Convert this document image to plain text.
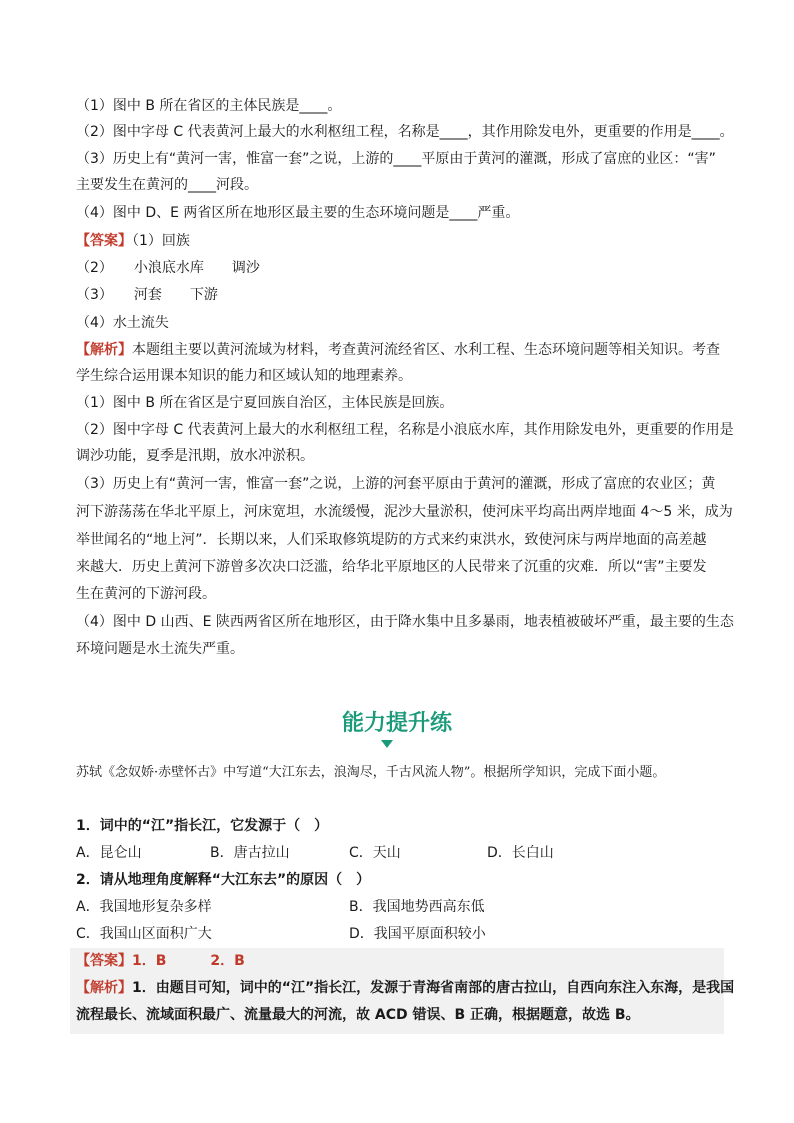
（1）图中 B 所在省区的主体民族是____。

（2）图中字母 C 代表黄河上最大的水利枢纽工程，名称是____，其作用除发电外，更重要的作用是____。

（3）历史上有“黄河一害，惟富一套”之说，上游的____平原由于黄河的灌溉，形成了富庶的业区：“害”

主要发生在黄河的____河段。

（4）图中 D、E 两省区所在地形区最主要的生态环境问题是____严重。

【答案】（1）回族

（2）　　小浪底水库　　调沙

（3）　　河套　　下游

（4）水土流失

【解析】本题组主要以黄河流域为材料，考查黄河流经省区、水利工程、生态环境问题等相关知识。考查

学生综合运用课本知识的能力和区域认知的地理素养。

（1）图中 B 所在省区是宁夏回族自治区，主体民族是回族。

（2）图中字母 C 代表黄河上最大的水利枢纽工程，名称是小浪底水库，其作用除发电外，更重要的作用是

调沙功能，夏季是汛期，放水冲淤积。

（3）历史上有“黄河一害，惟富一套”之说，上游的河套平原由于黄河的灌溉，形成了富庶的农业区；黄

河下游荡荡在华北平原上，河床宽坦，水流缓慢，泥沙大量淤积，使河床平均高出两岸地面 4～5 米，成为

举世闻名的“地上河”．长期以来，人们采取修筑堤防的方式来约束洪水，致使河床与两岸地面的高差越

来越大．历史上黄河下游曾多次决口泛滥，给华北平原地区的人民带来了沉重的灾难．所以“害”主要发

生在黄河的下游河段。

（4）图中 D 山西、E 陕西两省区所在地形区，由于降水集中且多暴雨，地表植被破坏严重，最主要的生态

环境问题是水土流失严重。

能力提升练

苏轼《念奴娇·赤壁怀古》中写道“大江东去，浪淘尽，千古风流人物”。根据所学知识，完成下面小题。

1．词中的“江”指长江，它发源于（　）

A．昆仑山	B．唐古拉山	C．天山	D．长白山

2．请从地理角度解释“大江东去”的原因（　）

A．我国地形复杂多样	B．我国地势西高东低

C．我国山区面积广大	D．我国平原面积较小

【答案】1．B	2．B

【解析】1．由题目可知，词中的“江”指长江，发源于青海省南部的唐古拉山，自西向东注入东海，是我国

流程最长、流域面积最广、流量最大的河流，故 ACD 错误、B 正确，根据题意，故选 B。
